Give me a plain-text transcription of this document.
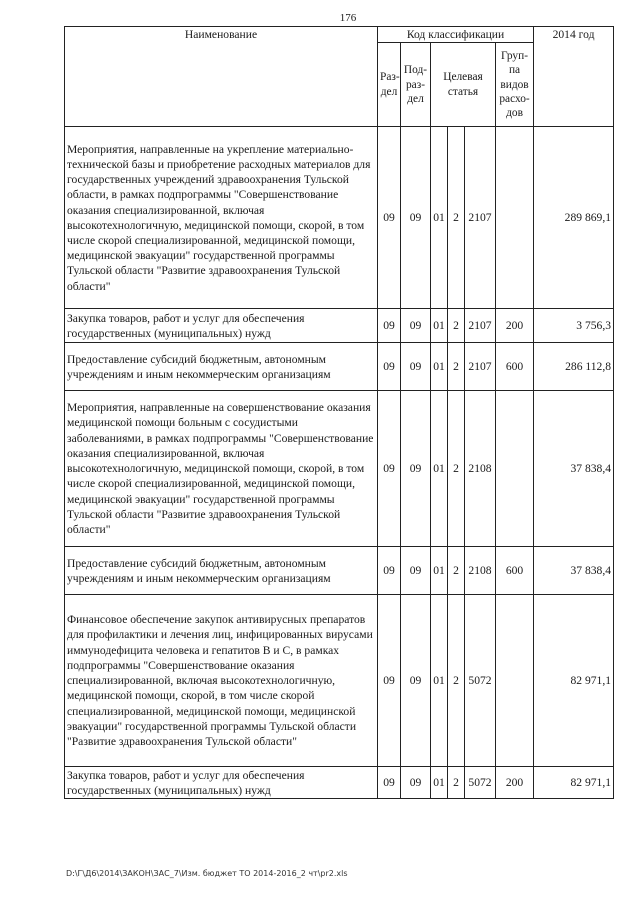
176
Наименование	Код классификации						2014 год
	Раз-дел	Под-раз-дел	Целевая статья			Груп-па видов расхо-дов	
Мероприятия, направленные на укрепление материально-технической базы и приобретение расходных материалов для государственных учреждений здравоохранения Тульской области, в рамках подпрограммы "Совершенствование оказания специализированной, включая высокотехнологичную, медицинской помощи, скорой, в том числе скорой специализированной, медицинской помощи, медицинской эвакуации" государственной программы Тульской области "Развитие здравоохранения Тульской области"	09	09	01	2	2107		289 869,1
Закупка товаров, работ и услуг для обеспечения государственных (муниципальных) нужд	09	09	01	2	2107	200	3 756,3
Предоставление субсидий бюджетным, автономным учреждениям и иным некоммерческим организациям	09	09	01	2	2107	600	286 112,8
Мероприятия, направленные на совершенствование оказания медицинской помощи больным с сосудистыми заболеваниями, в рамках подпрограммы "Совершенствование оказания специализированной, включая высокотехнологичную, медицинской помощи, скорой, в том числе скорой специализированной, медицинской помощи, медицинской эвакуации" государственной программы Тульской области "Развитие здравоохранения Тульской области"	09	09	01	2	2108		37 838,4
Предоставление субсидий бюджетным, автономным учреждениям и иным некоммерческим организациям	09	09	01	2	2108	600	37 838,4
Финансовое обеспечение закупок антивирусных препаратов для профилактики и лечения лиц, инфицированных вирусами иммунодефицита человека и гепатитов В и С, в рамках подпрограммы "Совершенствование оказания специализированной, включая высокотехнологичную, медицинской помощи, скорой, в том числе скорой специализированной, медицинской помощи, медицинской эвакуации" государственной программы Тульской области "Развитие здравоохранения Тульской области"	09	09	01	2	5072		82 971,1
Закупка товаров, работ и услуг для обеспечения государственных (муниципальных) нужд	09	09	01	2	5072	200	82 971,1
D:\Г\Д6\2014\ЗАКОН\ЗАС_7\Изм. бюджет ТО 2014-2016_2 чт\pr2.xls
